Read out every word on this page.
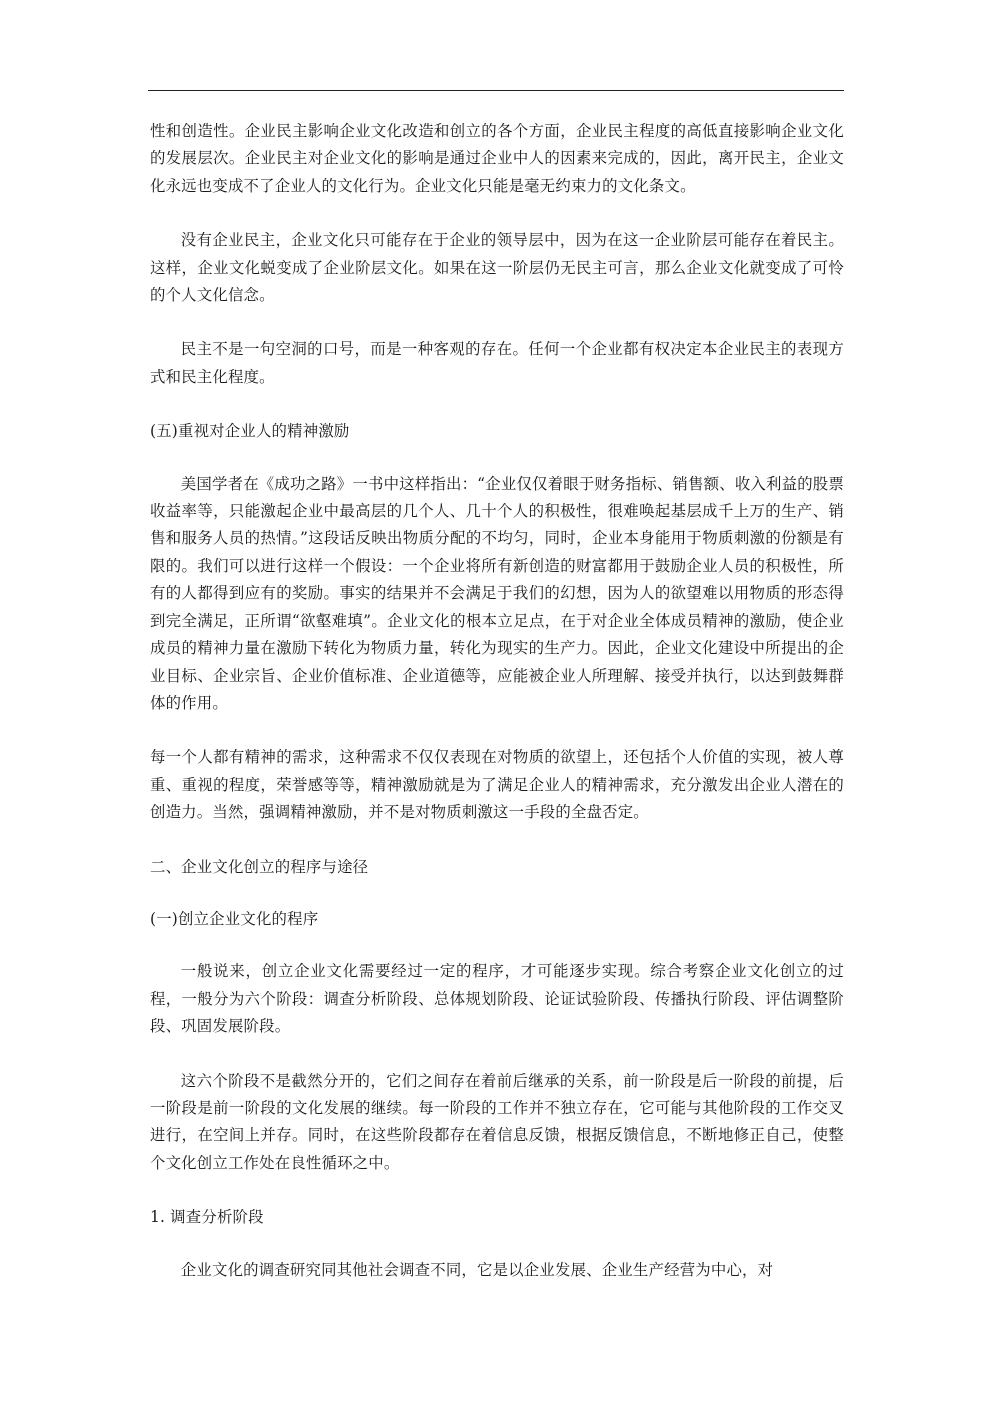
性和创造性。企业民主影响企业文化改造和创立的各个方面，企业民主程度的高低直接影响企业文化的发展层次。企业民主对企业文化的影响是通过企业中人的因素来完成的，因此，离开民主，企业文化永远也变成不了企业人的文化行为。企业文化只能是毫无约束力的文化条文。

没有企业民主，企业文化只可能存在于企业的领导层中，因为在这一企业阶层可能存在着民主。这样，企业文化蜕变成了企业阶层文化。如果在这一阶层仍无民主可言，那么企业文化就变成了可怜的个人文化信念。

民主不是一句空洞的口号，而是一种客观的存在。任何一个企业都有权决定本企业民主的表现方式和民主化程度。

(五)重视对企业人的精神激励

美国学者在《成功之路》一书中这样指出：“企业仅仅着眼于财务指标、销售额、收入利益的股票收益率等，只能激起企业中最高层的几个人、几十个人的积极性，很难唤起基层成千上万的生产、销售和服务人员的热情。”这段话反映出物质分配的不均匀，同时，企业本身能用于物质刺激的份额是有限的。我们可以进行这样一个假设：一个企业将所有新创造的财富都用于鼓励企业人员的积极性，所有的人都得到应有的奖励。事实的结果并不会满足于我们的幻想，因为人的欲望难以用物质的形态得到完全满足，正所谓“欲壑难填”。企业文化的根本立足点，在于对企业全体成员精神的激励，使企业成员的精神力量在激励下转化为物质力量，转化为现实的生产力。因此，企业文化建设中所提出的企业目标、企业宗旨、企业价值标准、企业道德等，应能被企业人所理解、接受并执行，以达到鼓舞群体的作用。

每一个人都有精神的需求，这种需求不仅仅表现在对物质的欲望上，还包括个人价值的实现，被人尊重、重视的程度，荣誉感等等，精神激励就是为了满足企业人的精神需求，充分激发出企业人潜在的创造力。当然，强调精神激励，并不是对物质刺激这一手段的全盘否定。

二、企业文化创立的程序与途径

(一)创立企业文化的程序

一般说来，创立企业文化需要经过一定的程序，才可能逐步实现。综合考察企业文化创立的过程，一般分为六个阶段：调查分析阶段、总体规划阶段、论证试验阶段、传播执行阶段、评估调整阶段、巩固发展阶段。

这六个阶段不是截然分开的，它们之间存在着前后继承的关系，前一阶段是后一阶段的前提，后一阶段是前一阶段的文化发展的继续。每一阶段的工作并不独立存在，它可能与其他阶段的工作交叉进行，在空间上并存。同时，在这些阶段都存在着信息反馈，根据反馈信息，不断地修正自己，使整个文化创立工作处在良性循环之中。

1. 调查分析阶段

企业文化的调查研究同其他社会调查不同，它是以企业发展、企业生产经营为中心，对
